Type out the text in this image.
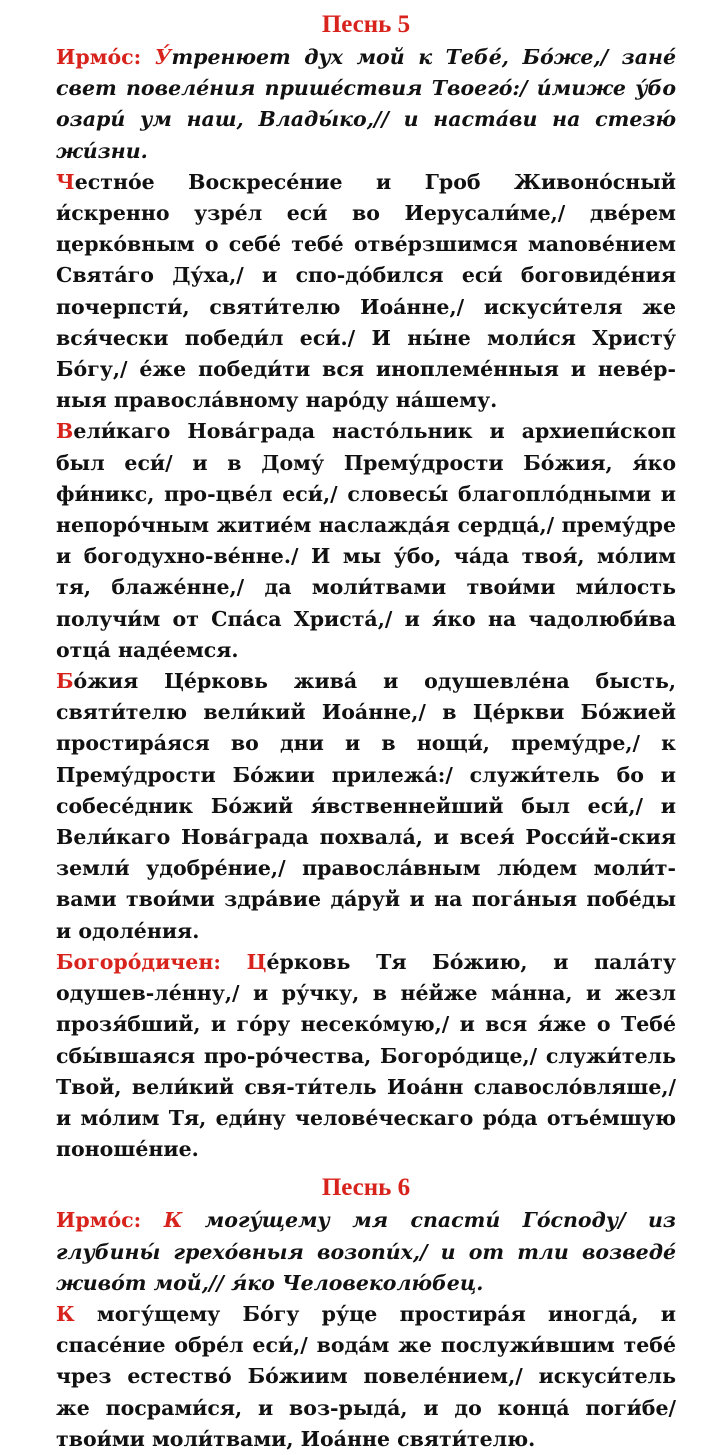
Песнь 5

Ирмо́с: У́тренюет дух мой к Тебе́, Бо́же,/ зане́ свет повеле́ния прише́ствия Твоего́:/ и́миже у́бо озари́ ум наш, Влады́ко,// и наста́ви на стезю́ жи́зни.

Честно́е Воскресе́ние и Гроб Живоно́сный и́скренно узре́л еси́ во Иерусали́ме,/ две́рем церко́вным о себе́ тебе́ отве́рзшимся мanове́нием Свята́го Ду́ха,/ и спо-до́бился еси́ боговиде́ния почерпсти́, святи́телю Иоа́нне,/ искуси́теля же вся́чески победи́л еси́./ И ны́не моли́ся Христу́ Бо́гу,/ е́же победи́ти вся иноплеме́нныя и неве́р-ныя правосла́вному наро́ду на́шему.

Вели́каго Нова́града насто́льник и архиепи́скоп был еси́/ и в Дому́ Прему́дрости Бо́жия, я́ко фи́никс, про-цве́л еси́,/ словесы́ благопло́дными и непоро́чным житие́м наслажда́я сердца́,/ прему́дре и богодухно-ве́нне./ И мы у́бо, ча́да твоя́, мо́лим тя, блаже́нне,/ да моли́твами твои́ми ми́лость получи́м от Спа́са Христа́,/ и я́ко на чадолюби́ва отца́ наде́емся.

Бо́жия Це́рковь жива́ и одушевле́на бысть, святи́телю вели́кий Иоа́нне,/ в Це́ркви Бо́жией простира́яся во дни и в нощи́, прему́дре,/ к Прему́дрости Бо́жии прилежа́:/ служи́тель бо и собесе́дник Бо́жий я́вственнейший был еси́,/ и Вели́каго Нова́града похвала́, и всея́ Росси́й-ския земли́ удобре́ние,/ правосла́вным лю́дем моли́т-вами твои́ми здра́вие да́руй и на пога́ныя побе́ды и одоле́ния.

Богоро́дичен: Це́рковь Тя Бо́жию, и пала́ту одушев-ле́нну,/ и ру́чку, в не́йже ма́нна, и жезл прозя́бший, и го́ру несеко́мую,/ и вся я́же о Тебе́ сбы́вшаяся про-ро́чества, Богоро́дице,/ служи́тель Твой, вели́кий свя-ти́тель Иоа́нн славосло́вляше,/ и мо́лим Тя, еди́ну челове́ческаго ро́да отъе́мшую поноше́ние.

Песнь 6

Ирмо́с: К могу́щему мя спасти́ Го́споду/ из глубины́ грехо́вныя возопи́х,/ и от тли возведе́ живо́т мой,// я́ко Человеколю́бец.

К могу́щему Бо́гу ру́це простира́я иногда́, и спасе́ние обре́л еси́,/ вода́м же послужи́вшим тебе́ чрез естество́ Бо́жиим повеле́нием,/ искуси́тель же посрами́ся, и воз-рыда́, и до конца́ поги́бе/ твои́ми моли́твами, Иоа́нне святи́телю.
